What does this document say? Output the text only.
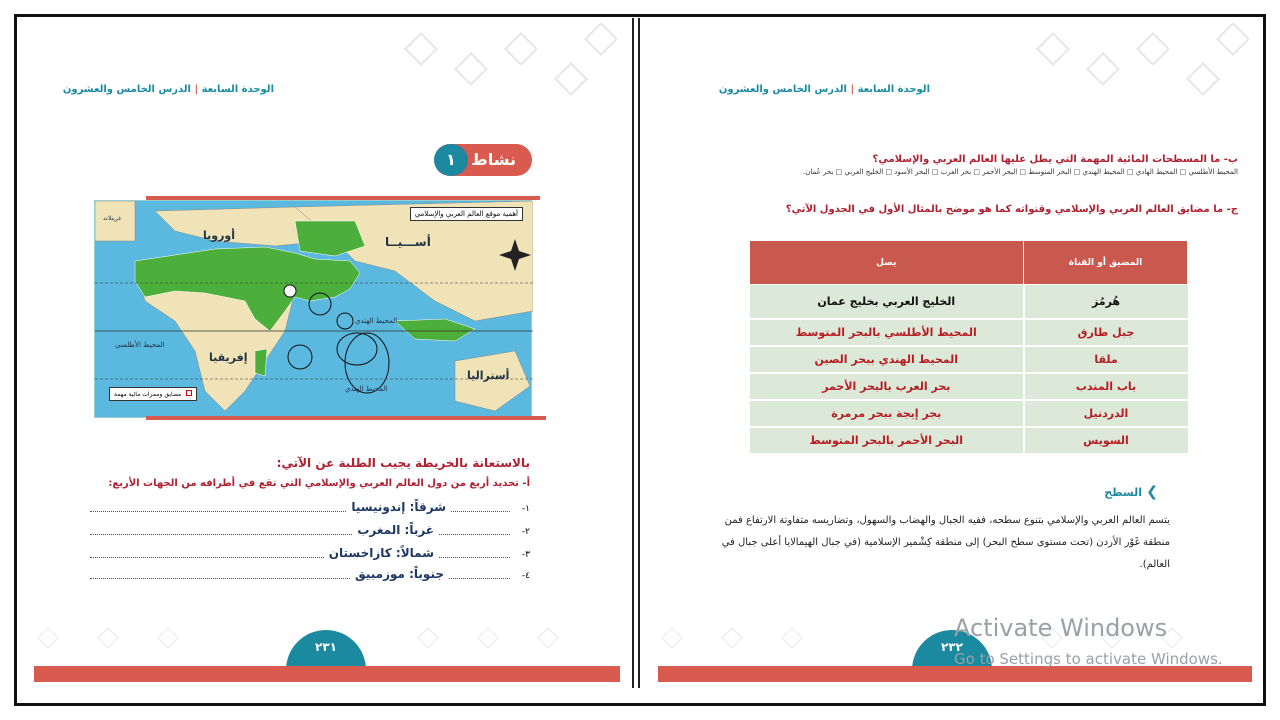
الوحدة السابعة | الدرس الخامس والعشرون
نشاط
١
أهمية موقع العالم العربي والإسلامي
أوروبا	أســـيــا
إفريقيا
أستراليا
المحيط الهندي
المحيط الأطلسي
المحيط الهندي
غرينلاند
مضايق وممرات مائية مهمة
بالاستعانة بالخريطة يجيب الطلبة عن الآتي:
أ- تحديد أربع من دول العالم العربي والإسلامي التي تقع في أطرافه من الجهات الأربع:
١-
شرقاً: إندونيسيا
٢-
غرباً: المغرب
٣-
شمالاً: كازاخستان
٤-
جنوباً: موزمبيق
٢٣١
الوحدة السابعة | الدرس الخامس والعشرون
ب- ما المسطحات المائية المهمة التي يطل عليها العالم العربي والإسلامي؟
المحيط الأطلسي □ المحيط الهادي □ المحيط الهندي □ البحر المتوسط □ البحر الأحمر □ بحر العرب □ البحر الأسود □ الخليج العربي □ بحر عُمان.
ج- ما مضايق العالم العربي والإسلامي وقنواته كما هو موضح بالمثال الأول في الجدول الآتي؟
المضيق أو القناة	يصل
هُرمُز	الخليج العربي بخليج عمان
جبل طارق	المحيط الأطلسي بالبحر المتوسط
ملقا	المحيط الهندي ببحر الصين
باب المندب	بحر العرب بالبحر الأحمر
الدردنيل	بجر إيجة ببحر مرمرة
السويس	البحر الأحمر بالبحر المتوسط
السطح ❮
يتسم العالم العربي والإسلامي بتنوع سطحه، ففيه الجبال والهضاب والسهول، وتضاريسه متفاوتة الارتفاع فمن منطقة غَوْر الأردن (تحت مستوى سطح البحر) إلى منطقة كِشْمير الإسلامية (في جبال الهيمالايا أعلى جبال في العالم).
٢٣٢
Activate Windows
Go to Settings to activate Windows.
